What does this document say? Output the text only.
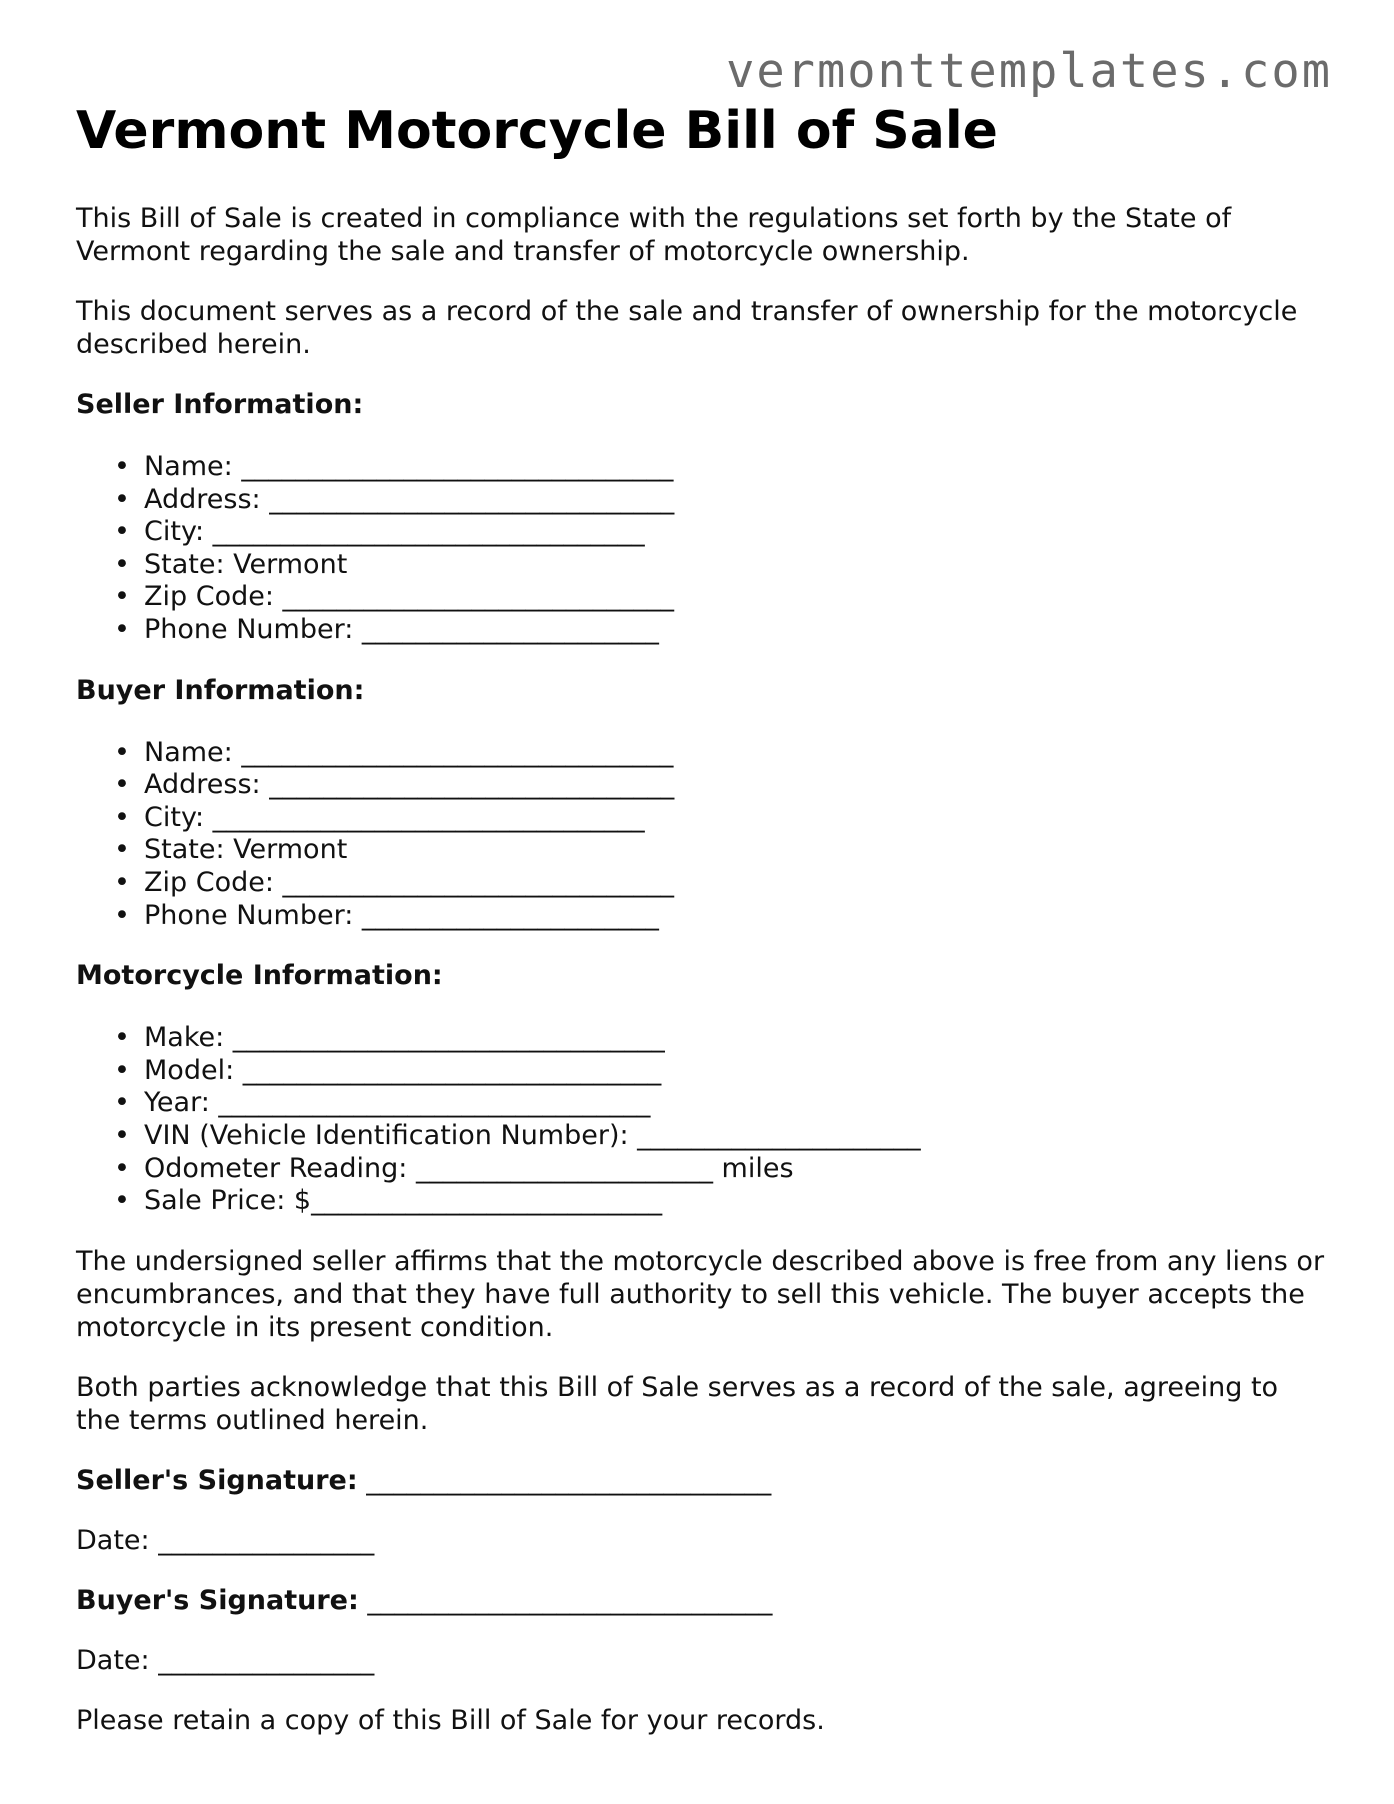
vermonttemplates.com
Vermont Motorcycle Bill of Sale

This Bill of Sale is created in compliance with the regulations set forth by the State of Vermont regarding the sale and transfer of motorcycle ownership.

This document serves as a record of the sale and transfer of ownership for the motorcycle described herein.

Seller Information:

• Name: ________________________________
• Address: ______________________________
• City: ________________________________
• State: Vermont
• Zip Code: _____________________________
• Phone Number: ______________________

Buyer Information:

• Name: ________________________________
• Address: ______________________________
• City: ________________________________
• State: Vermont
• Zip Code: _____________________________
• Phone Number: ______________________

Motorcycle Information:

• Make: ________________________________
• Model: _______________________________
• Year: ________________________________
• VIN (Vehicle Identification Number): _____________________
• Odometer Reading: ______________________ miles
• Sale Price: $__________________________

The undersigned seller affirms that the motorcycle described above is free from any liens or encumbrances, and that they have full authority to sell this vehicle. The buyer accepts the motorcycle in its present condition.

Both parties acknowledge that this Bill of Sale serves as a record of the sale, agreeing to the terms outlined herein.

Seller's Signature: ______________________________

Date: ________________

Buyer's Signature: ______________________________

Date: ________________

Please retain a copy of this Bill of Sale for your records.
